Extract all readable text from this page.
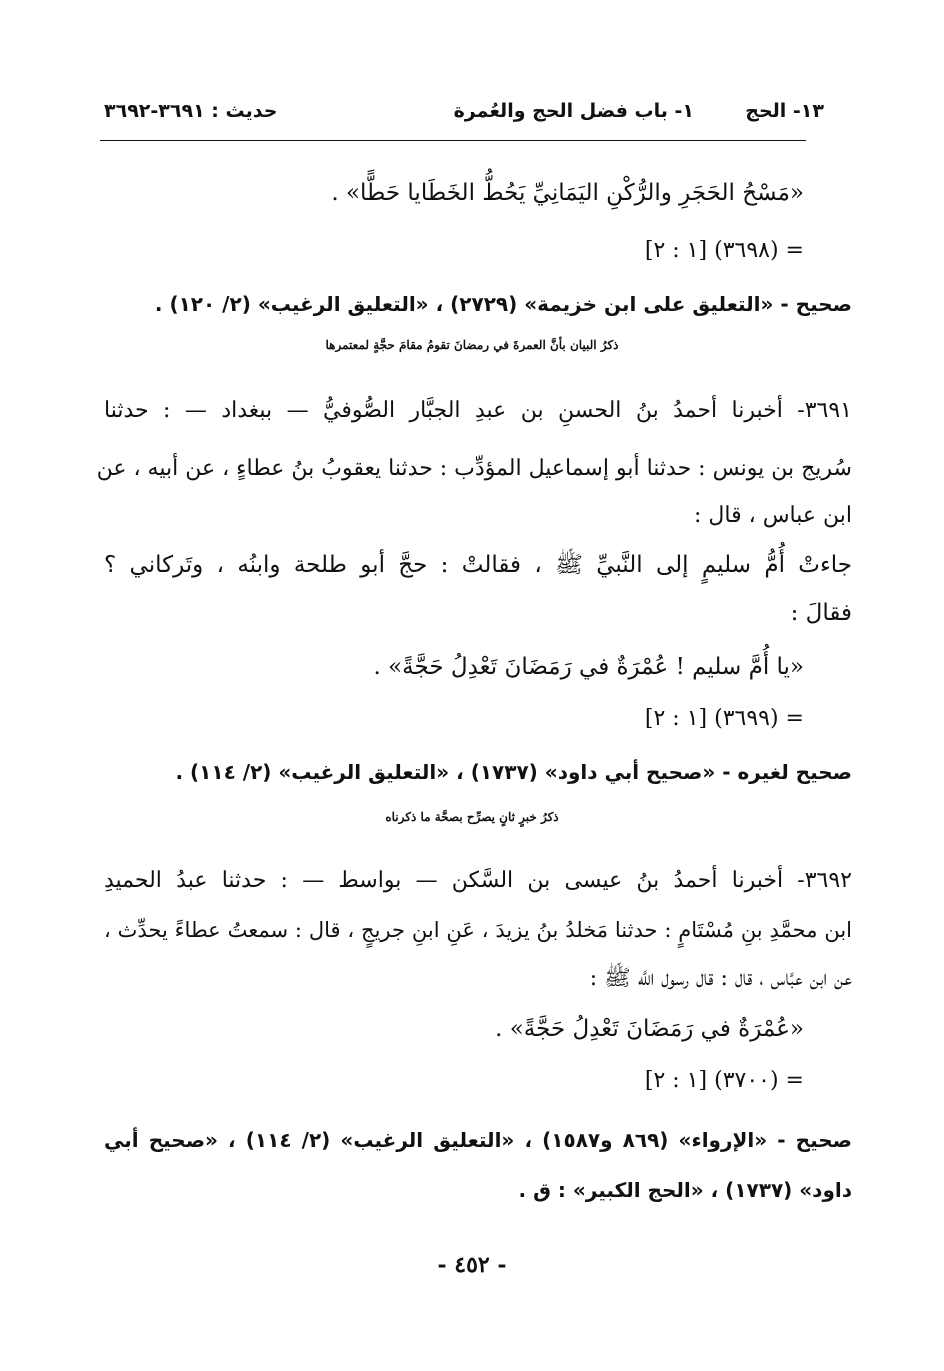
١٣- الحج
١- باب فضل الحج والعُمرة
حديث : ٣٦٩١-٣٦٩٢
«مَسْحُ الحَجَرِ والرُّكْنِ اليَمَانِيِّ يَحُطُّ الخَطَايا حَطًّا» .
= (٣٦٩٨) [١ : ٢]
صحيح - «التعليق على ابن خزيمة» (٢٧٢٩) ، «التعليق الرغيب» (٢/ ١٢٠) .
ذكرُ البيان بأنَّ العمرةَ في رمضانَ تقومُ مقامَ حجَّةٍ لمعتمرها
٣٦٩١- أخبرنا أحمدُ بنُ الحسنِ بن عبدِ الجبَّار الصُّوفيُّ — ببغداد — : حدثنا
سُريج بن يونس : حدثنا أبو إسماعيل المؤدِّب : حدثنا يعقوبُ بنُ عطاءٍ ، عن أبيه ، عن
ابن عباس ، قال :
جاءتْ أُمُّ سليمٍ إلى النَّبيِّ ﷺ ، فقالتْ : حجَّ أبو طلحة وابنُه ، وتَركاني ؟
فقالَ :
«يا أُمَّ سليم ! عُمْرَةٌ في رَمَضَانَ تَعْدِلُ حَجَّةً» .
= (٣٦٩٩) [١ : ٢]
صحيح لغيره - «صحيح أبي داود» (١٧٣٧) ، «التعليق الرغيب» (٢/ ١١٤) .
ذكرُ خبرٍ ثانٍ يصرِّح بصحَّة ما ذكرناه
٣٦٩٢- أخبرنا أحمدُ بنُ عيسى بن السَّكن — بواسط — : حدثنا عبدُ الحميدِ
ابن محمَّدِ بنِ مُسْتَامٍ : حدثنا مَخلدُ بنُ يزيدَ ، عَنِ ابنِ جريجٍ ، قال : سمعتُ عطاءً يحدِّث ،
عن ابن عبَّاس ، قال : قال رسول اللَّه ﷺ :
«عُمْرَةٌ في رَمَضَانَ تَعْدِلُ حَجَّةً» .
= (٣٧٠٠) [١ : ٢]
صحيح - «الإرواء» (٨٦٩ و١٥٨٧) ، «التعليق الرغيب» (٢/ ١١٤) ، «صحيح أبي
داود» (١٧٣٧) ، «الحج الكبير» : ق .
- ٤٥٢ -
